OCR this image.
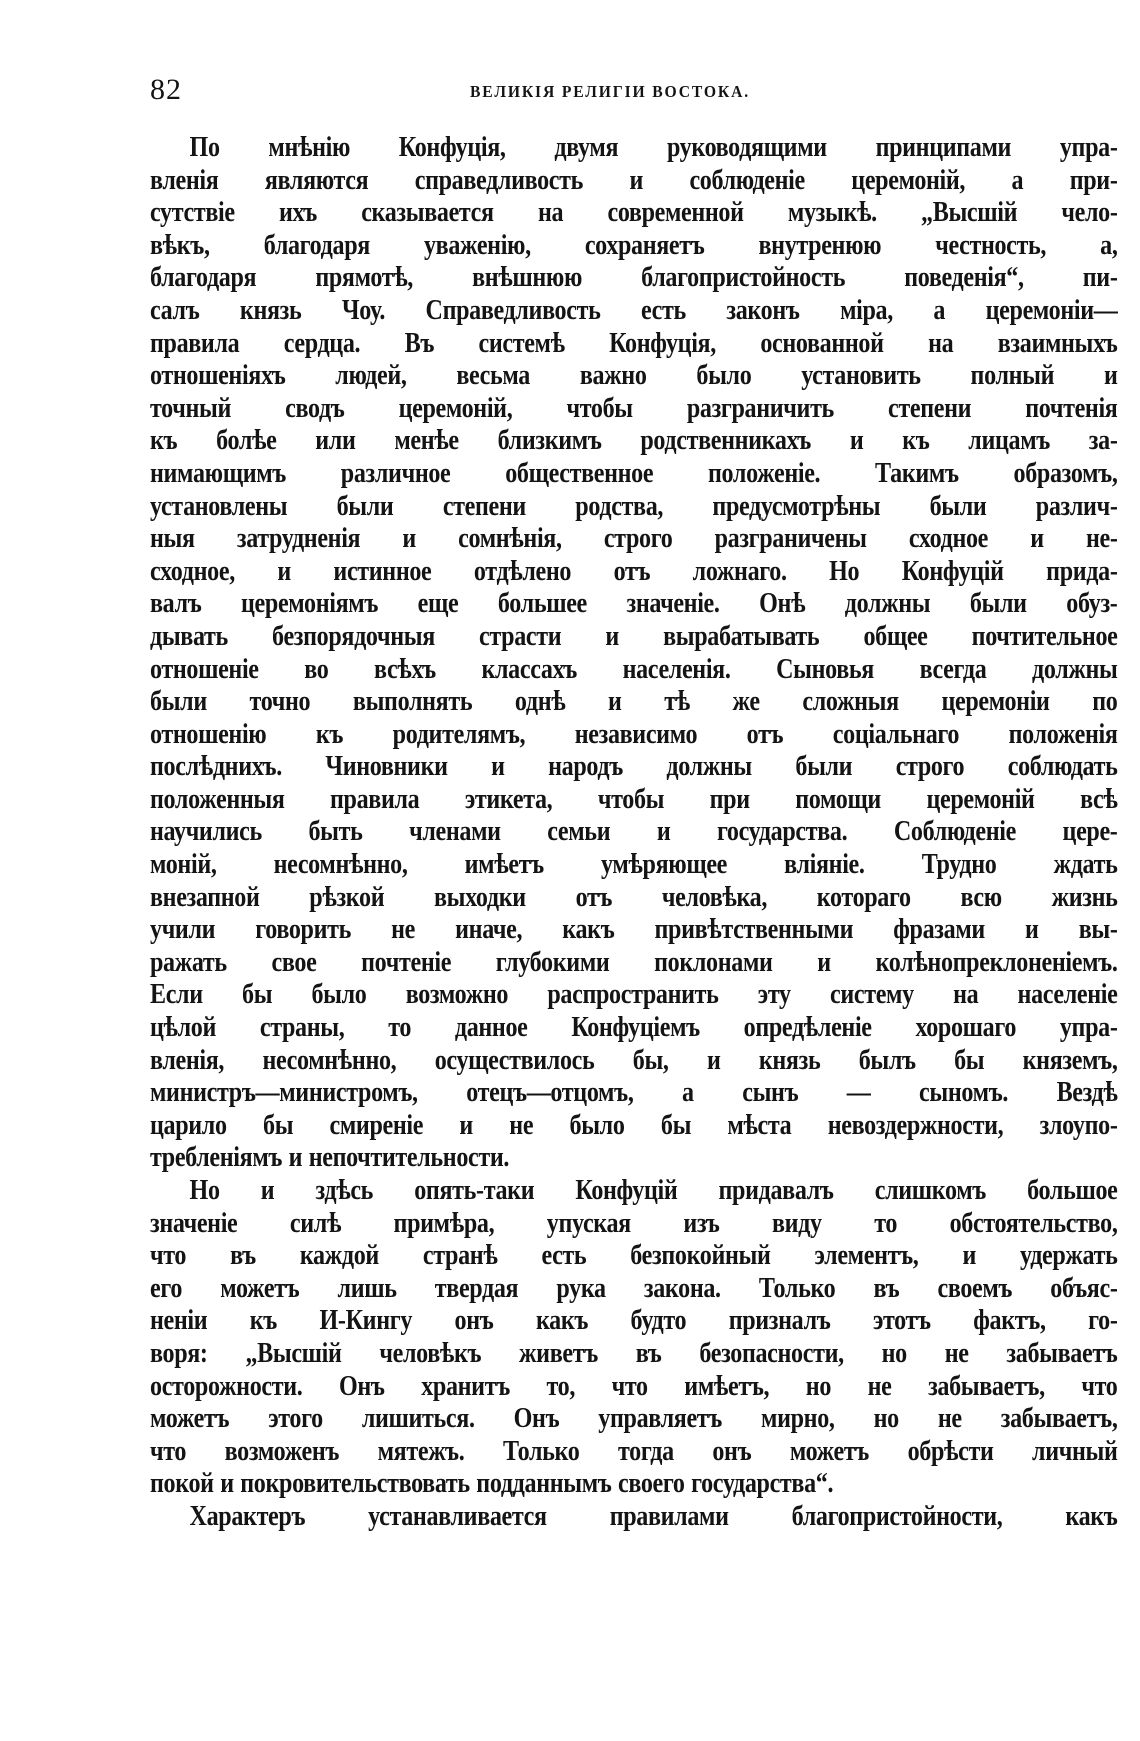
82	ВЕЛИКІЯ РЕЛИГІИ ВОСТОКА.
По мнѣнію Конфуція, двумя руководящими принципами упра-
вленія являются справедливость и соблюденіе церемоній, а при-
сутствіе ихъ сказывается на современной музыкѣ. „Высшій чело-
вѣкъ, благодаря уваженію, сохраняетъ внутренюю честность, а,
благодаря прямотѣ, внѣшнюю благопристойность поведенія“, пи-
салъ князь Чоу. Справедливость есть законъ міра, а церемоніи—
правила сердца. Въ системѣ Конфуція, основанной на взаимныхъ
отношеніяхъ людей, весьма важно было установить полный и
точный сводъ церемоній, чтобы разграничить степени почтенія
къ болѣе или менѣе близкимъ родственникахъ и къ лицамъ за-
нимающимъ различное общественное положеніе. Такимъ образомъ,
установлены были степени родства, предусмотрѣны были различ-
ныя затрудненія и сомнѣнія, строго разграничены сходное и не-
сходное, и истинное отдѣлено отъ ложнаго. Но Конфуцій прида-
валъ церемоніямъ еще большее значеніе. Онѣ должны были обуз-
дывать безпорядочныя страсти и вырабатывать общее почтительное
отношеніе во всѣхъ классахъ населенія. Сыновья всегда должны
были точно выполнять однѣ и тѣ же сложныя церемоніи по
отношенію къ родителямъ, независимо отъ соціальнаго положенія
послѣднихъ. Чиновники и народъ должны были строго соблюдать
положенныя правила этикета, чтобы при помощи церемоній всѣ
научились быть членами семьи и государства. Соблюденіе цере-
моній, несомнѣнно, имѣетъ умѣряющее вліяніе. Трудно ждать
внезапной рѣзкой выходки отъ человѣка, котораго всю жизнь
учили говорить не иначе, какъ привѣтственными фразами и вы-
ражать свое почтеніе глубокими поклонами и колѣнопреклоненіемъ.
Если бы было возможно распространить эту систему на населеніе
цѣлой страны, то данное Конфуціемъ опредѣленіе хорошаго упра-
вленія, несомнѣнно, осуществилось бы, и князь былъ бы княземъ,
министръ—министромъ, отецъ—отцомъ, а сынъ — сыномъ. Вездѣ
царило бы смиреніе и не было бы мѣста невоздержности, злоупо-
требленіямъ и непочтительности.
Но и здѣсь опять-таки Конфуцій придавалъ слишкомъ большое
значеніе силѣ примѣра, упуская изъ виду то обстоятельство,
что въ каждой странѣ есть безпокойный элементъ, и удержать
его можетъ лишь твердая рука закона. Только въ своемъ объяс-
неніи къ И-Кингу онъ какъ будто призналъ этотъ фактъ, го-
воря: „Высшій человѣкъ живетъ въ безопасности, но не забываетъ
осторожности. Онъ хранитъ то, что имѣетъ, но не забываетъ, что
можетъ этого лишиться. Онъ управляетъ мирно, но не забываетъ,
что возможенъ мятежъ. Только тогда онъ можетъ обрѣсти личный
покой и покровительствовать подданнымъ своего государства“.
Характеръ устанавливается правилами благопристойности, какъ
